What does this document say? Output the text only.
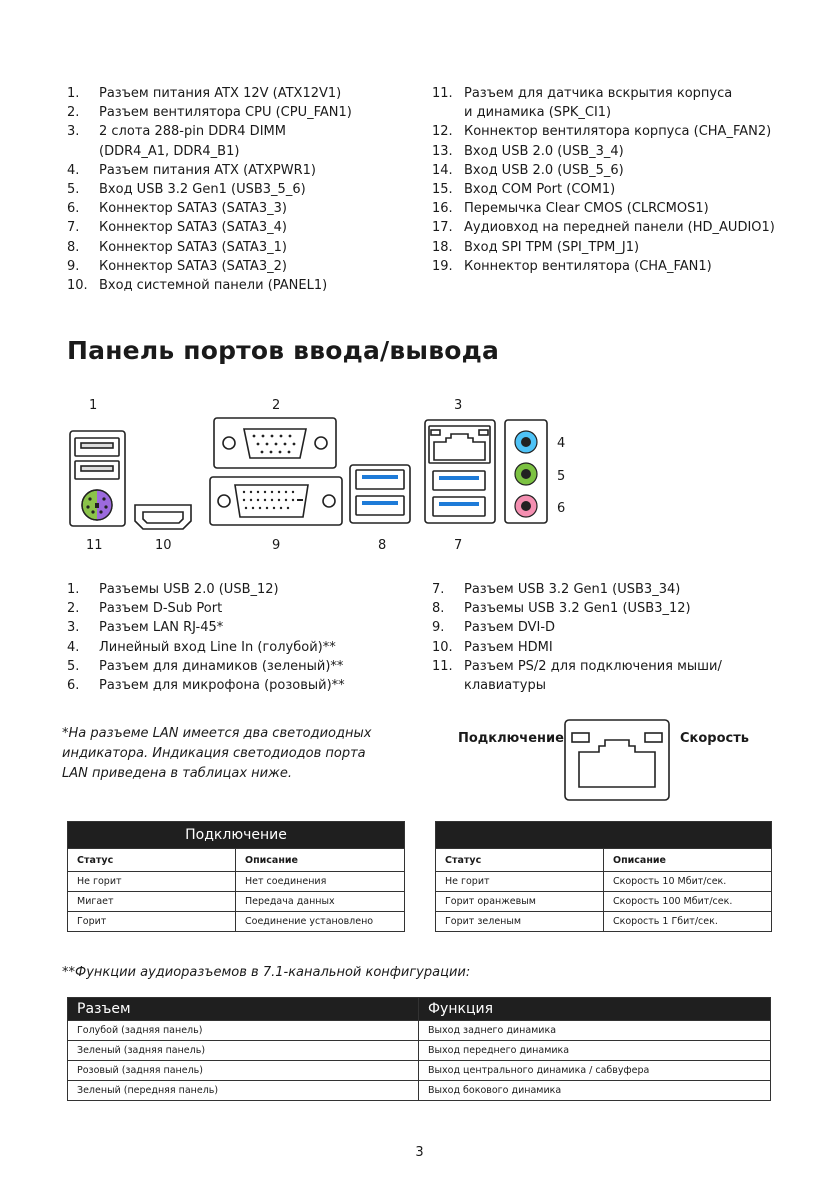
1.	Разъем питания ATX 12V (ATX12V1)
2.	Разъем вентилятора CPU (CPU_FAN1)
3.	2 слота 288-pin DDR4 DIMM
(DDR4_A1, DDR4_B1)
4.	Разъем питания ATX (ATXPWR1)
5.	Вход USB 3.2 Gen1 (USB3_5_6)
6.	Коннектор SATA3 (SATA3_3)
7.	Коннектор SATA3 (SATA3_4)
8.	Коннектор SATA3 (SATA3_1)
9.	Коннектор SATA3 (SATA3_2)
10. Вход системной панели (PANEL1)
11. Разъем для датчика вскрытия корпуса
и динамика (SPK_CI1)
12. Коннектор вентилятора корпуса (CHA_FAN2)
13. Вход USB 2.0 (USB_3_4)
14. Вход USB 2.0 (USB_5_6)
15. Вход COM Port (COM1)
16. Перемычка Clear CMOS (CLRCMOS1)
17. Аудиовход на передней панели (HD_AUDIO1)
18. Вход SPI TPM (SPI_TPM_J1)
19. Коннектор вентилятора (CHA_FAN1)
Панель портов ввода/вывода
1	2	3
4
5
6
11	10	9	8	7
1.	Разъемы USB 2.0 (USB_12)
2.	Разъем D-Sub Port
3.	Разъем LAN RJ-45*
4.	Линейный вход Line In (голубой)**
5.	Разъем для динамиков (зеленый)**
6.	Разъем для микрофона (розовый)**
7.	Разъем USB 3.2 Gen1 (USB3_34)
8.	Разъемы USB 3.2 Gen1 (USB3_12)
9.	Разъем DVI-D
10. Разъем HDMI
11. Разъем PS/2 для подключения мыши/
клавиатуры
*На разъеме LAN имеется два светодиодных
индикатора. Индикация светодиодов порта
LAN приведена в таблицах ниже.
Подключение	Скорость
Подключение	
Статус	Описание
Не горит	Нет соединения
Мигает	Передача данных
Горит	Соединение установлено

Статус	Описание
Не горит	Скорость 10 Мбит/сек.
Горит оранжевым	Скорость 100 Мбит/сек.
Горит зеленым	Скорость 1 Гбит/сек.
**Функции аудиоразъемов в 7.1-канальной конфигурации:
Разъем	Функция
Голубой (задняя панель)	Выход заднего динамика
Зеленый (задняя панель)	Выход переднего динамика
Розовый (задняя панель)	Выход центрального динамика / сабвуфера
Зеленый (передняя панель)	Выход бокового динамика
3
